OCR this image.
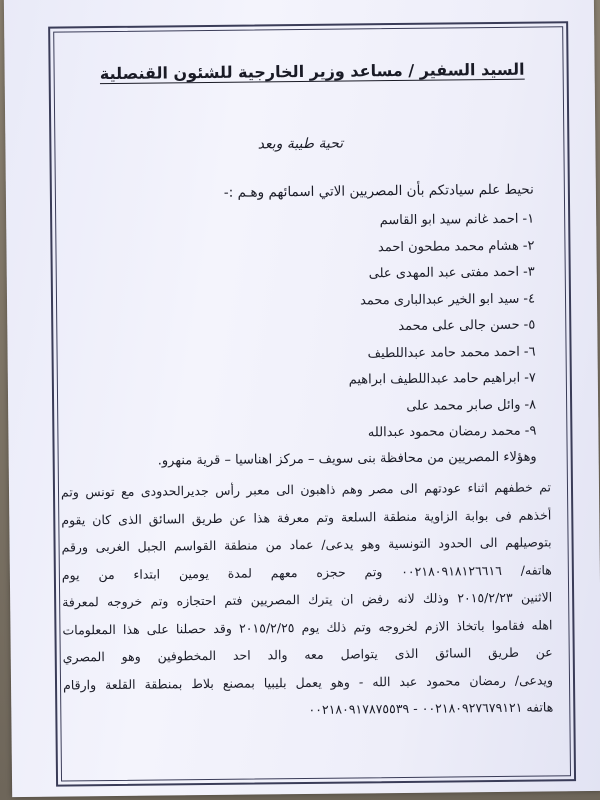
السيد السفير / مساعد وزير الخارجية للشئون القنصلية
تحية طيبة وبعد
نحيط علم سيادتكم بأن المصريين الاتي اسمائهم وهـم :-
١-
احمد غانم سيد ابو القاسم
٢-
هشام محمد مطحون احمد
٣-
احمد مفتى عبد المهدى على
٤-
سيد ابو الخير عبدالبارى محمد
٥-
حسن جالى على محمد
٦-
احمد محمد حامد عبداللطيف
٧-
ابراهيم حامد عبداللطيف ابراهيم
٨-
وائل صابر محمد على
٩-
محمد رمضان محمود عبدالله
وهؤلاء المصريين من محافظة بنى سويف – مركز اهناسيا – قرية منهرو.
تم خطفهم اثناء عودتهم الى مصر وهم ذاهبون الى معبر رأس جديرالحدودى مع تونس وتم
أخذهم فى بوابة الزاوية منطقة السلعة وتم معرفة هذا عن طريق السائق الذى كان يقوم
بتوصيلهم الى الحدود التونسية وهو يدعى/ عماد من منطقة القواسم الجبل الغربى ورقم
هاتفه/ ٠٠٢١٨٠٩١٨١٢٦٦١٦ وتم حجزه معهم لمدة يومين ابتداء من يوم
الاثنين ٢٠١٥/٢/٢٣ وذلك لانه رفض ان يترك المصريين فتم احتجازه وتم خروجه لمعرفة
اهله فقاموا باتخاذ الازم لخروجه وتم ذلك يوم ٢٠١٥/٢/٢٥ وقد حصلنا على هذا المعلومات
عن طريق السائق الذى يتواصل معه والد احد المخطوفين وهو المصري
ويدعى/ رمضان محمود عبد الله - وهو يعمل بليبيا بمصنع بلاط بمنطقة القلعة وارقام
هاتفه ٠٠٢١٨٠٩٢٧٦٧٩١٢١ - ٠٠٢١٨٠٩١٧٨٧٥٥٣٩
